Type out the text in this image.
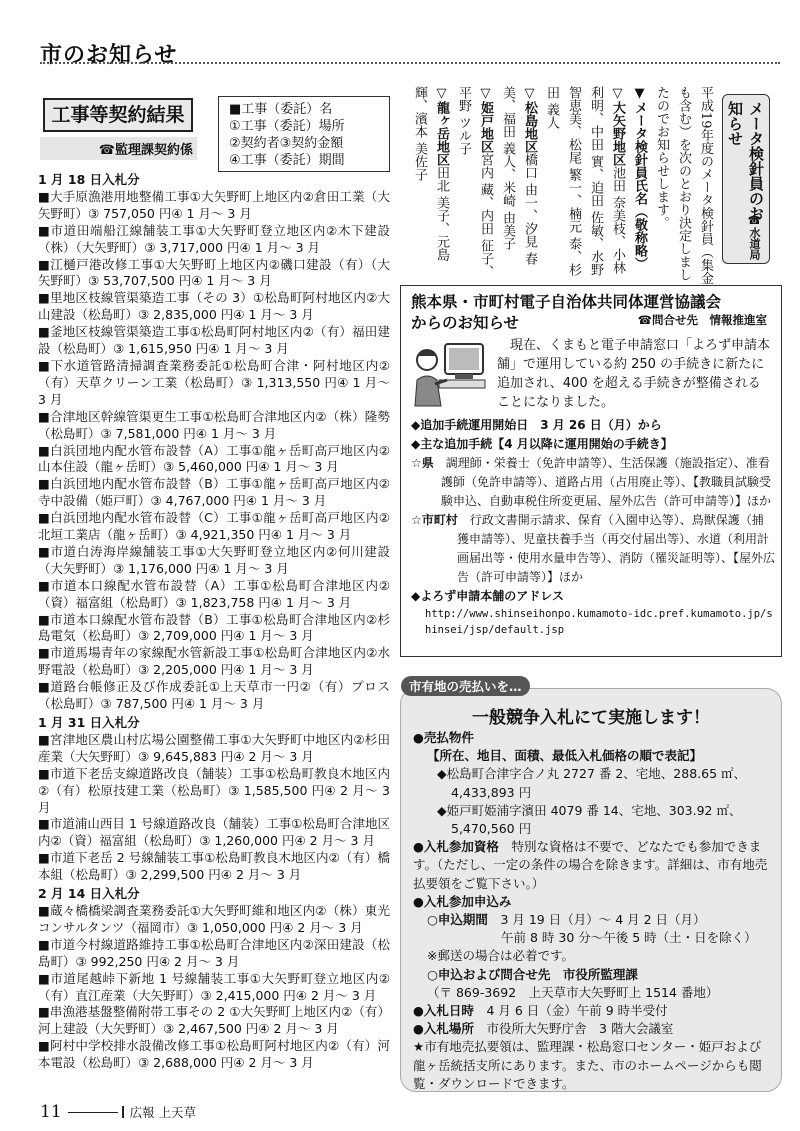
市のお知らせ
工事等契約結果
☎監理課契約係
■工事（委託）名
①工事（委託）場所
②契約者③契約金額
④工事（委託）期間
1 月 18 日入札分
■大手原漁港用地整備工事①大矢野町上地区内②倉田工業（大矢野町）③ 757,050 円④ 1 月～ 3 月
■市道田端船江線舗装工事①大矢野町登立地区内②木下建設（株）（大矢野町）③ 3,717,000 円④ 1 月～ 3 月
■江樋戸港改修工事①大矢野町上地区内②磯口建設（有）（大矢野町）③ 53,707,500 円④ 1 月～ 3 月
■里地区枝線管渠築造工事（その 3）①松島町阿村地区内②大山建設（松島町）③ 2,835,000 円④ 1 月～ 3 月
■釜地区枝線管渠築造工事①松島町阿村地区内②（有）福田建設（松島町）③ 1,615,950 円④ 1 月～ 3 月
■下水道管路清掃調査業務委託①松島町合津・阿村地区内②（有）天草クリーン工業（松島町）③ 1,313,550 円④ 1 月～ 3 月
■合津地区幹線管渠更生工事①松島町合津地区内②（株）隆勢（松島町）③ 7,581,000 円④ 1 月～ 3 月
■白浜団地内配水管布設替（A）工事①龍ヶ岳町高戸地区内②山本住設（龍ヶ岳町）③ 5,460,000 円④ 1 月～ 3 月
■白浜団地内配水管布設替（B）工事①龍ヶ岳町高戸地区内②寺中設備（姫戸町）③ 4,767,000 円④ 1 月～ 3 月
■白浜団地内配水管布設替（C）工事①龍ヶ岳町高戸地区内②北垣工業店（龍ヶ岳町）③ 4,921,350 円④ 1 月～ 3 月
■市道白涛海岸線舗装工事①大矢野町登立地区内②何川建設（大矢野町）③ 1,176,000 円④ 1 月～ 3 月
■市道本口線配水管布設替（A）工事①松島町合津地区内②（資）福富組（松島町）③ 1,823,758 円④ 1 月～ 3 月
■市道本口線配水管布設替（B）工事①松島町合津地区内②杉島電気（松島町）③ 2,709,000 円④ 1 月～ 3 月
■市道馬場青年の家線配水管新設工事①松島町合津地区内②水野電設（松島町）③ 2,205,000 円④ 1 月～ 3 月
■道路台帳修正及び作成委託①上天草市一円②（有）プロス（松島町）③ 787,500 円④ 1 月～ 3 月
1 月 31 日入札分
■宮津地区農山村広場公園整備工事①大矢野町中地区内②杉田産業（大矢野町）③ 9,645,883 円④ 2 月～ 3 月
■市道下老岳支線道路改良（舗装）工事①松島町教良木地区内②（有）松原技建工業（松島町）③ 1,585,500 円④ 2 月～ 3 月
■市道浦山西目 1 号線道路改良（舗装）工事①松島町合津地区内②（資）福富組（松島町）③ 1,260,000 円④ 2 月～ 3 月
■市道下老岳 2 号線舗装工事①松島町教良木地区内②（有）橋本組（松島町）③ 2,299,500 円④ 2 月～ 3 月
2 月 14 日入札分
■蔵々橋橋梁調査業務委託①大矢野町維和地区内②（株）東光コンサルタンツ（福岡市）③ 1,050,000 円④ 2 月～ 3 月
■市道今村線道路維持工事①松島町合津地区内②深田建設（松島町）③ 992,250 円④ 2 月～ 3 月
■市道尾越峠下新地 1 号線舗装工事①大矢野町登立地区内②（有）直江産業（大矢野町）③ 2,415,000 円④ 2 月～ 3 月
■串漁港基盤整備附帯工事その 2 ①大矢野町上地区内②（有）河上建設（大矢野町）③ 2,467,500 円④ 2 月～ 3 月
■阿村中学校排水設備改修工事①松島町阿村地区内②（有）河本電設（松島町）③ 2,688,000 円④ 2 月～ 3 月
メータ検針員のお知らせ

平成19年度のメータ検針員（集金も含む）を次のとおり決定しましたのでお知らせします。

▼メータ検針員氏名（敬称略）

▽大矢野地区池田 奈美枝、小林 利明、中田 實、迫田 佐敏、水野 智恵美、松尾 繁一、楠元 泰、杉田 義人

▽松島地区橋口 由一、汐見 春美、福田 義人、米崎 由美子

▽姫戸地区宮内 藏、内田 征子、平野 ツル子

▽龍ヶ岳地区田北 美子、元島 輝、濱本 美佐子

☎水道局
熊本県・市町村電子自治体共同体運営協議会
からのお知らせ	☎問合せ先　情報推進室
現在、くまもと電子申請窓口「よろず申請本舗」で運用している約 250 の手続きに新たに追加され、400 を超える手続きが整備されることになりました。
◆追加手続運用開始日　3 月 26 日（月）から
◆主な追加手続【4 月以降に運用開始の手続き】
☆県　 調理師・栄養士（免許申請等）、生活保護（施設指定）、准看護師（免許申請等）、道路占用（占用廃止等）、【教職員試験受験申込、自動車税住所変更届、屋外広告（許可申請等）】ほか
☆市町村　 行政文書開示請求、保育（入園申込等）、鳥獣保護（捕獲申請等）、児童扶養手当（再交付届出等）、水道（利用計画届出等・使用水量申告等）、消防（罹災証明等）、【屋外広告（許可申請等）】ほか
◆よろず申請本舗のアドレス
http://www.shinseihonpo.kumamoto-idc.pref.kumamoto.jp/shinsei/jsp/default.jsp
一般競争入札にて実施します！
●売払物件
【所在、地目、面積、最低入札価格の順で表記】
◆松島町合津字合ノ丸 2727 番 2、宅地、288.65 ㎡、
4,433,893 円
◆姫戸町姫浦字濱田 4079 番 14、宅地、303.92 ㎡、
5,470,560 円
●入札参加資格　 特別な資格は不要で、どなたでも参加できます。（ただし、一定の条件の場合を除きます。詳細は、市有地売払要領をご覧下さい。）
●入札参加申込み
○申込期間　 3 月 19 日（月）～ 4 月 2 日（月）
午前 8 時 30 分～午後 5 時（土・日を除く）
※郵送の場合は必着です。
○申込および問合せ先　市役所監理課
（〒 869-3692　上天草市大矢野町上 1514 番地）
●入札日時　 4 月 6 日（金）午前 9 時半受付
●入札場所　 市役所大矢野庁舎　3 階大会議室
★市有地売払要領は、監理課・松島窓口センター・姫戸および龍ヶ岳統括支所にあります。また、市のホームページからも閲覧・ダウンロードできます。
市有地の売払いを…
11	広報 上天草
